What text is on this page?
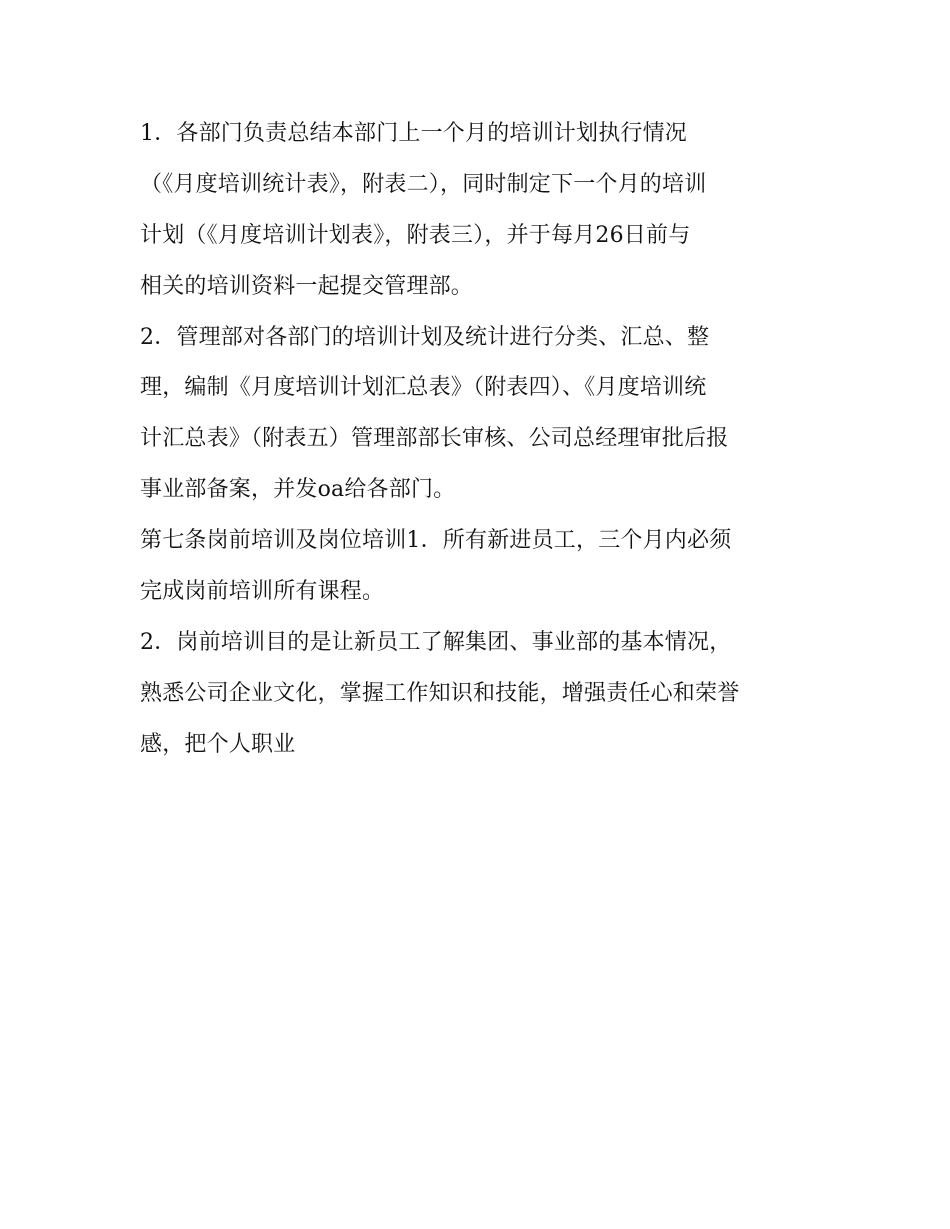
1．各部门负责总结本部门上一个月的培训计划执行情况
（《月度培训统计表》，附表二），同时制定下一个月的培训
计划（《月度培训计划表》，附表三），并于每月26日前与
相关的培训资料一起提交管理部。
2．管理部对各部门的培训计划及统计进行分类、汇总、整
理，编制《月度培训计划汇总表》（附表四）、《月度培训统
计汇总表》（附表五）管理部部长审核、公司总经理审批后报
事业部备案，并发oa给各部门。
第七条岗前培训及岗位培训1．所有新进员工，三个月内必须
完成岗前培训所有课程。
2．岗前培训目的是让新员工了解集团、事业部的基本情况，
熟悉公司企业文化，掌握工作知识和技能，增强责任心和荣誉
感，把个人职业
